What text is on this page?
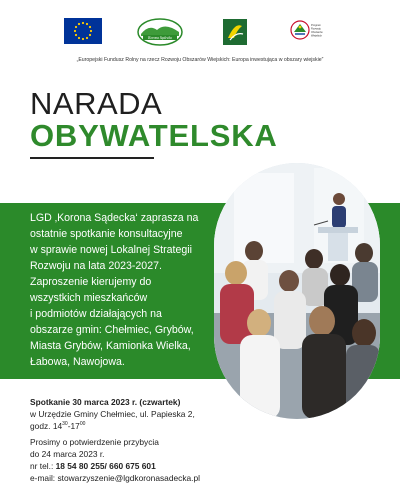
Korona Sądecka
Program
Rozwoju
Obszarów
Wiejskich
„Europejski Fundusz Rolny na rzecz Rozwoju Obszarów Wiejskich: Europa inwestująca w obszary wiejskie”
NARADA
OBYWATELSKA
LGD ‚Korona Sądecka‘ zaprasza na
ostatnie spotkanie konsultacyjne
w sprawie nowej Lokalnej Strategii
Rozwoju na lata 2023-2027.
Zaproszenie kierujemy do
wszystkich mieszkańców
i podmiotów działających na
obszarze gmin: Chełmiec, Grybów,
Miasta Grybów, Kamionka Wielka,
Łabowa, Nawojowa.
Spotkanie 30 marca 2023 r. (czwartek)
w Urzędzie Gminy Chełmiec, ul. Papieska 2,
godz. $14^{30}-17^{00}$
Prosimy o potwierdzenie przybycia
do 24 marca 2023 r.
nr tel.: 18 54 80 255/ 660 675 601
e-mail: stowarzyszenie@lgdkoronasadecka.pl
